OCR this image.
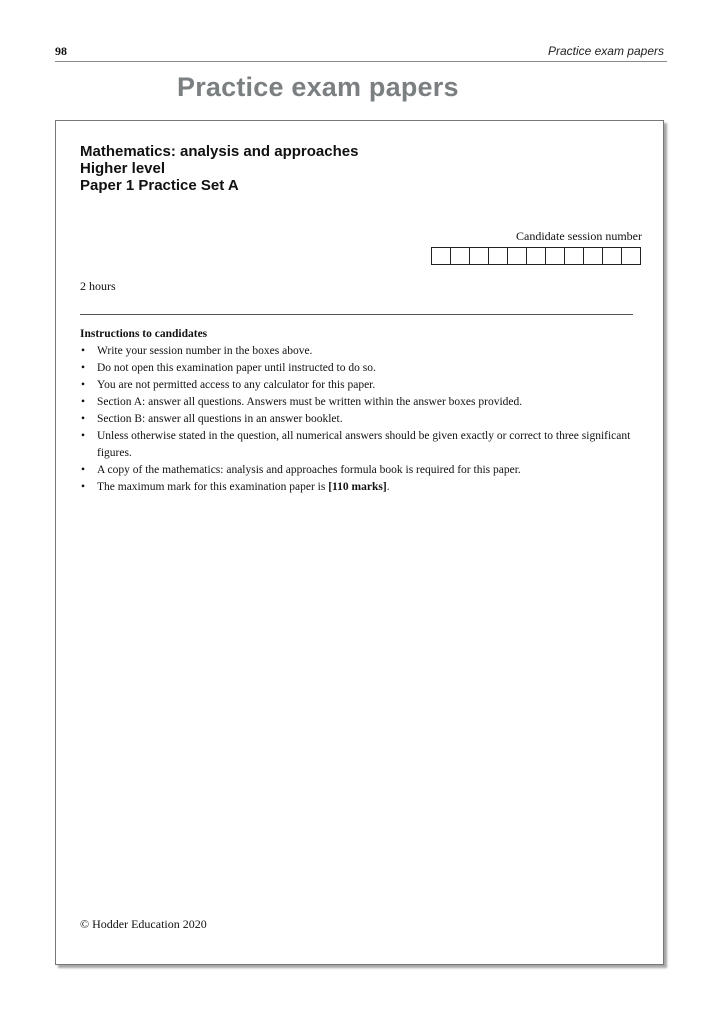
98	Practice exam papers
Practice exam papers
Mathematics: analysis and approaches
Higher level
Paper 1 Practice Set A
Candidate session number
2 hours
Instructions to candidates
• Write your session number in the boxes above.
• Do not open this examination paper until instructed to do so.
• You are not permitted access to any calculator for this paper.
• Section A: answer all questions. Answers must be written within the answer boxes provided.
• Section B: answer all questions in an answer booklet.
• Unless otherwise stated in the question, all numerical answers should be given exactly or correct to three significant figures.
• A copy of the mathematics: analysis and approaches formula book is required for this paper.
• The maximum mark for this examination paper is [110 marks].
© Hodder Education 2020
